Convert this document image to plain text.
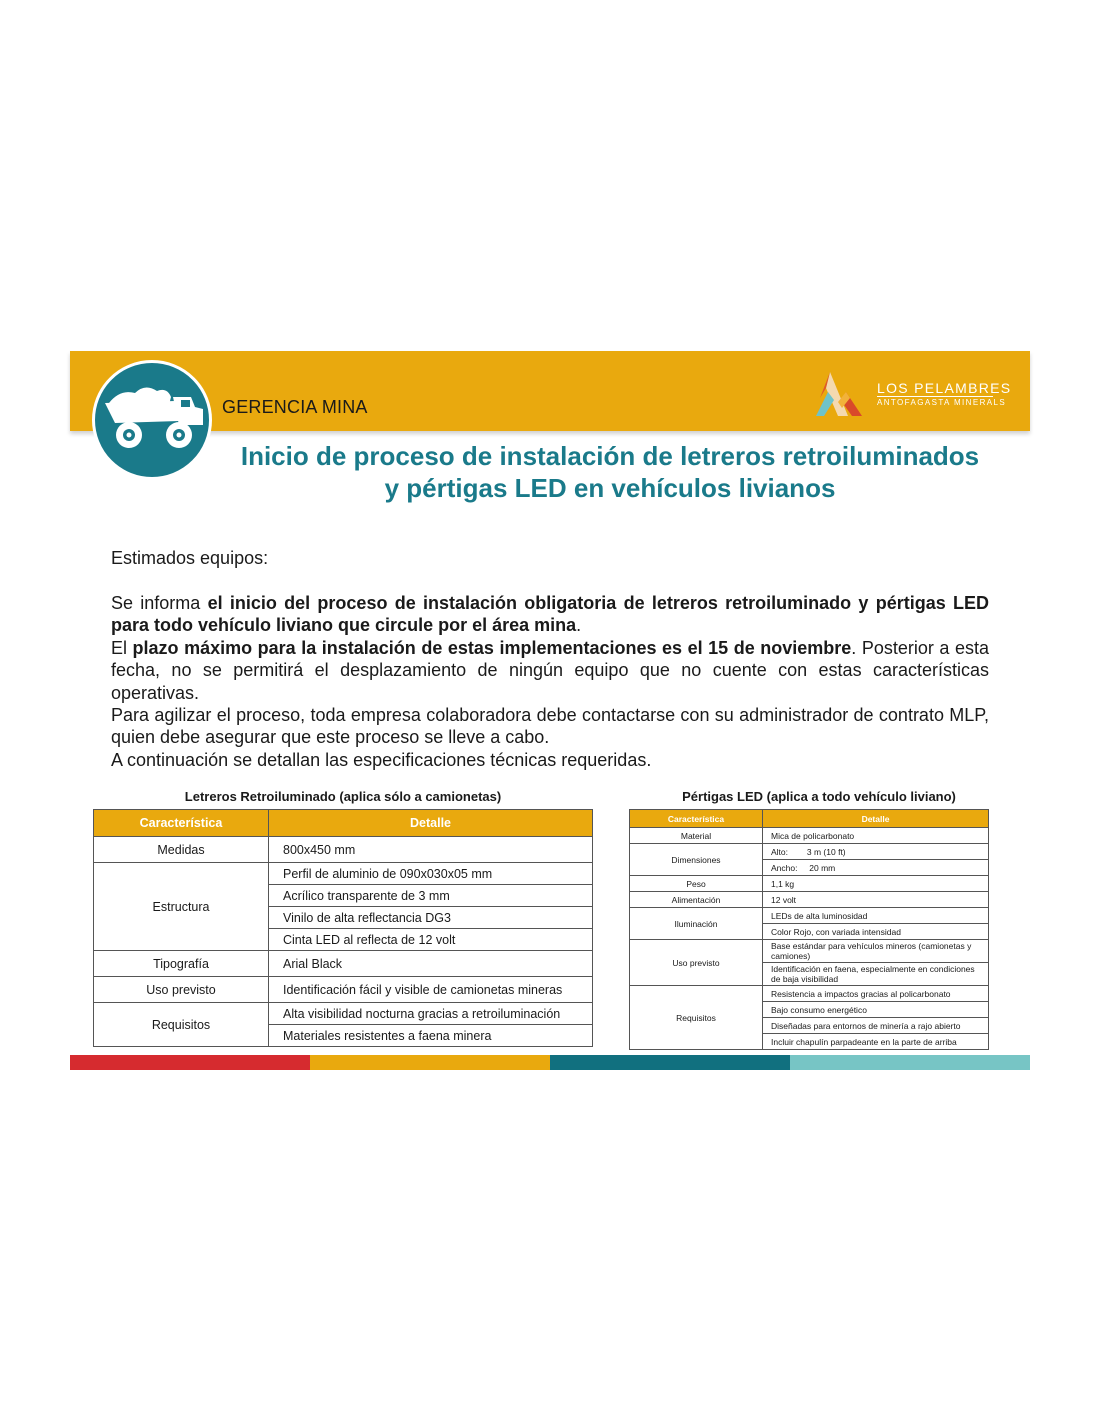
GERENCIA MINA
LOS PELAMBRES
ANTOFAGASTA MINERALS
Inicio de proceso de instalación de letreros retroiluminados
y pértigas LED en vehículos livianos
Estimados equipos:

Se informa el inicio del proceso de instalación obligatoria de letreros retroiluminado y pértigas LED para todo vehículo liviano que circule por el área mina.

El plazo máximo para la instalación de estas implementaciones es el 15 de noviembre. Posterior a esta fecha, no se permitirá el desplazamiento de ningún equipo que no cuente con estas características operativas.

Para agilizar el proceso, toda empresa colaboradora debe contactarse con su administrador de contrato MLP, quien debe asegurar que este proceso se lleve a cabo.

A continuación se detallan las especificaciones técnicas requeridas.

Letreros Retroiluminado (aplica sólo a camionetas)
Característica	Detalle
Medidas	800x450 mm
Estructura	Perfil de aluminio de 090x030x05 mm
	Acrílico transparente de 3 mm
	Vinilo de alta reflectancia DG3
	Cinta LED al reflecta de 12 volt
Tipografía	Arial Black
Uso previsto	Identificación fácil y visible de camionetas mineras
Requisitos	Alta visibilidad nocturna gracias a retroiluminación
	Materiales resistentes a faena minera
Pértigas LED (aplica a todo vehículo liviano)
Característica	Detalle
Material	Mica de policarbonato
Dimensiones	Alto:        3 m (10 ft)
	Ancho:     20 mm
Peso	1,1 kg
Alimentación	12 volt
Iluminación	LEDs de alta luminosidad
	Color Rojo, con variada intensidad
Uso previsto	Base estándar para vehículos mineros (camionetas y camiones)
	Identificación en faena, especialmente en condiciones de baja visibilidad
Requisitos	Resistencia a impactos gracias al policarbonato
	Bajo consumo energético
	Diseñadas para entornos de minería a rajo abierto
	Incluir chapulín parpadeante en la parte de arriba
